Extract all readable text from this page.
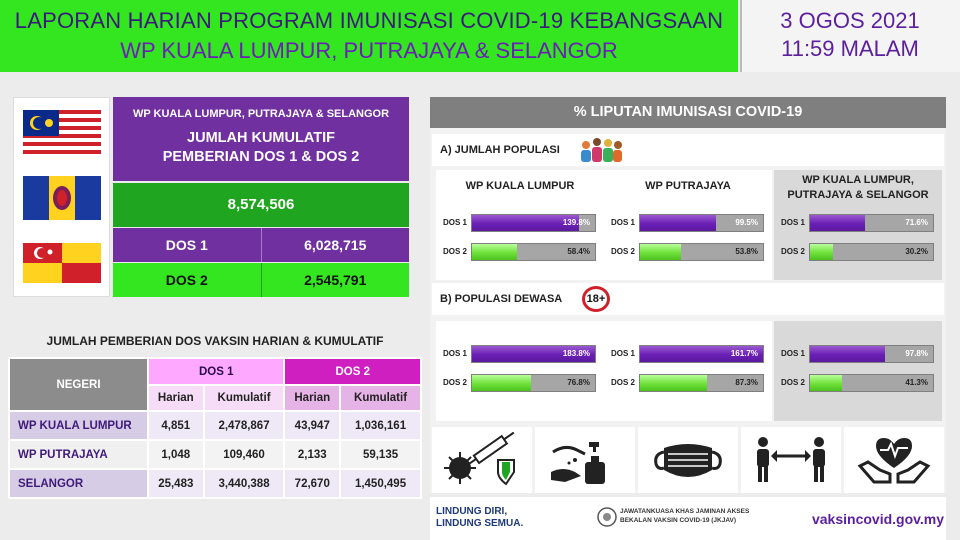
LAPORAN HARIAN PROGRAM IMUNISASI COVID-19 KEBANGSAAN
WP KUALA LUMPUR, PUTRAJAYA & SELANGOR
3 OGOS 2021
11:59 MALAM
WP KUALA LUMPUR, PUTRAJAYA & SELANGOR
JUMLAH KUMULATIF
PEMBERIAN DOS 1 & DOS 2
8,574,506
DOS 1	6,028,715
DOS 2	2,545,791
JUMLAH PEMBERIAN DOS VAKSIN HARIAN & KUMULATIF
NEGERI	DOS 1		DOS 2	
	Harian	Kumulatif	Harian	Kumulatif
WP KUALA LUMPUR	4,851	2,478,867	43,947	1,036,161
WP PUTRAJAYA	1,048	109,460	2,133	59,135
SELANGOR	25,483	3,440,388	72,670	1,450,495
% LIPUTAN IMUNISASI COVID-19
A) JUMLAH POPULASI
B) POPULASI DEWASA	18+
WP KUALA LUMPUR
DOS 1	139.8%
DOS 2	58.4%
WP PUTRAJAYA
DOS 1	99.5%
DOS 2	53.8%
WP KUALA LUMPUR, PUTRAJAYA & SELANGOR
DOS 1	71.6%
DOS 2	30.2%
DOS 1	183.8%
DOS 2	76.8%
DOS 1	161.7%
DOS 2	87.3%
DOS 1	97.8%
DOS 2	41.3%
LINDUNG DIRI,
LINDUNG SEMUA.
JAWATANKUASA KHAS JAMINAN AKSES
BEKALAN VAKSIN COVID-19 (JKJAV)	vaksincovid.gov.my
